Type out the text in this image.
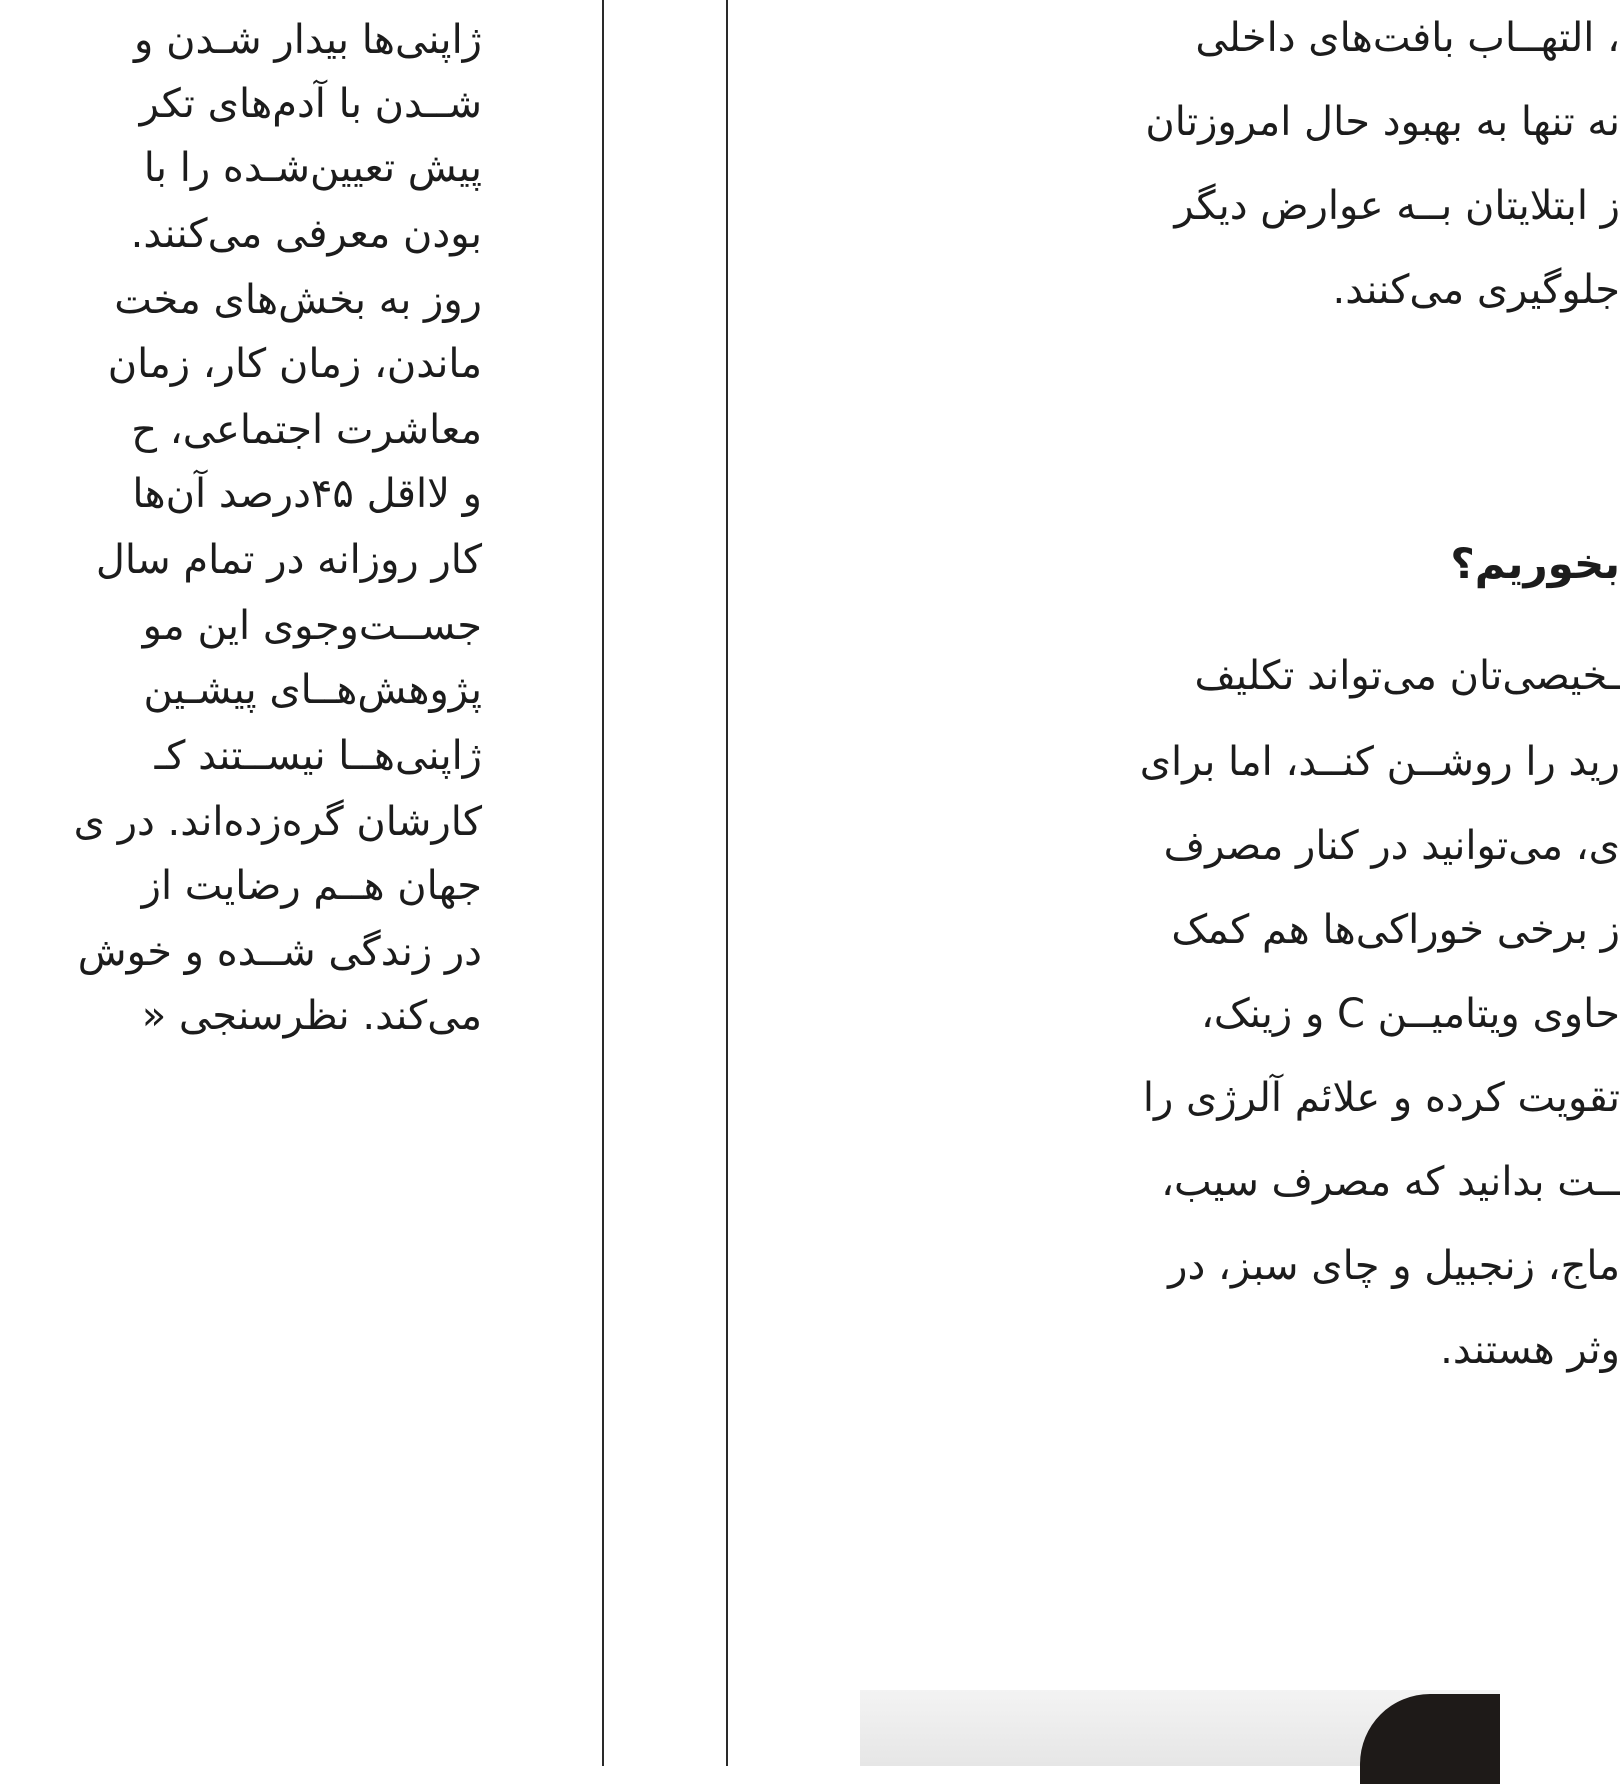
ژاپنی‌ها بیدار شـدن و
شــدن با آدم‌های تکر
پیش تعیین‌شـده را با
بودن معرفی می‌کنند.
روز به بخش‌های مخت
ماندن، زمان کار، زمان
معاشرت اجتماعی، ح
و لااقل ۴۵درصد آن‌ها
کار روزانه در تمام سال
جســت‌وجوی این مو
پژوهش‌هــای پیشـین
ژاپنی‌هــا نیســتند کـ
کارشان گره‌زده‌اند. در ی
جهان هــم رضایت از
در زندگی شــده و خوش
می‌کند. نظرسنجی «
، التهــاب بافت‌های داخلی
نه تنها به بهبود حال امروزتان
ز ابتلایتان بــه عوارض دیگر
جلوگیری می‌کنند.
بخوریم؟
ـخیصی‌تان می‌تواند تکلیف
رید را روشــن کنــد، اما برای
ی، می‌توانید در کنار مصرف
ز برخی خوراکی‌ها هم کمک
حاوی ویتامیــن C و زینک،
تقویت کرده و علائم آلرژی را
ــت بدانید که مصرف سیب،
ماج، زنجبیل و چای سبز، در
وثر هستند.
